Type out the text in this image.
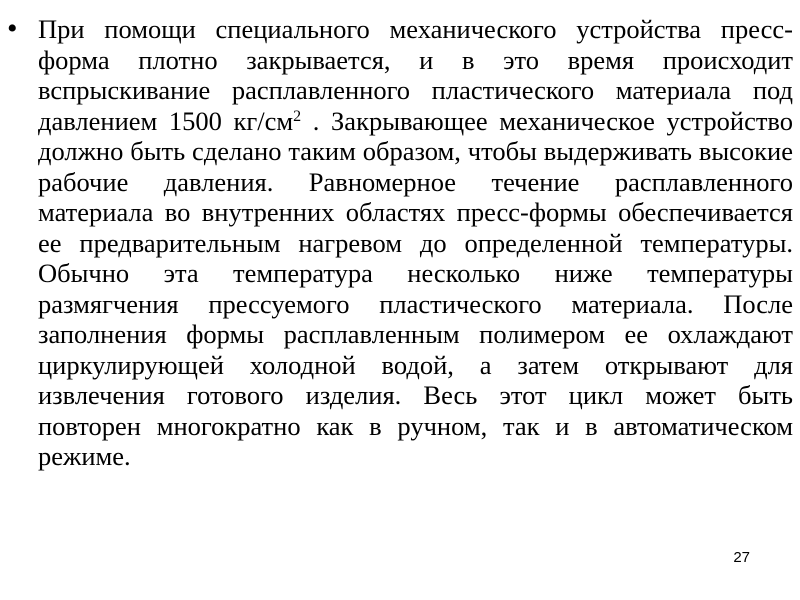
• При помощи специального механического устройства пресс-форма плотно закрывается, и в это время происходит вспрыскивание расплавленного пластического материала под давлением 1500 $кг/см^2$ . Закрывающее механическое устройство должно быть сделано таким образом, чтобы выдерживать высокие рабочие давления. Равномерное течение расплавленного материала во внутренних областях пресс-формы обеспечивается ее предварительным нагревом до определенной температуры. Обычно эта температура несколько ниже температуры размягчения прессуемого пластического материала. После заполнения формы расплавленным полимером ее охлаждают циркулирующей холодной водой, а затем открывают для извлечения готового изделия. Весь этот цикл может быть повторен многократно как в ручном, так и в автоматическом режиме.

27
